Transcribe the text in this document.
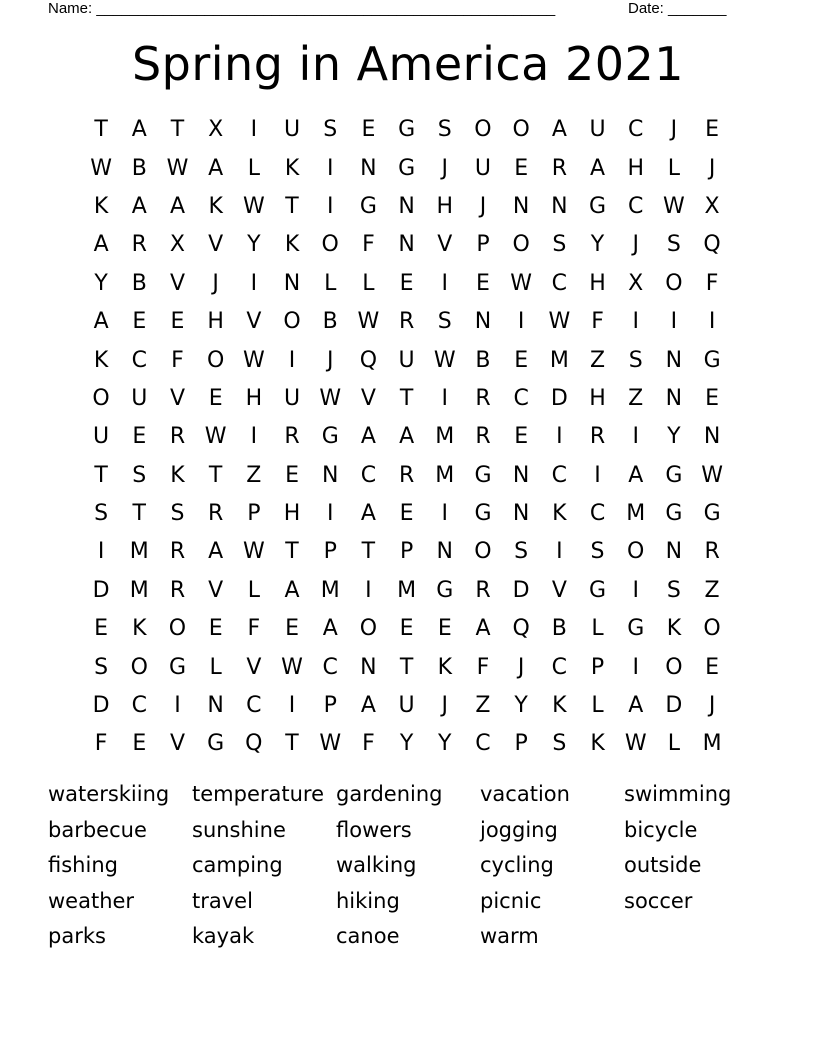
Name: _______________________________________________________	Date: _______
Spring in America 2021
T	A	T	X	I	U	S	E	G	S	O O	A	U	C	J	E
W B W A	L	K	I	N G	J	U	E	R	A	H	L	J
K	A	A	K W T	I	G N H	J	N N G C W X
A	R	X	V	Y	K	O	F	N	V	P	O	S	Y	J	S	Q
Y	B	V	J	I	N	L	L	E	I	E W C	H	X O	F
A	E	E	H	V O B W R	S	N	I	W F	I	I	I
K	C	F	O W	I	J	Q U W B	E M Z	S	N G
O U	V	E	H U W V	T	I	R	C	D H	Z	N	E
U	E	R W	I	R	G	A	A M R	E	I	R	I	Y	N
T	S	K	T	Z	E	N	C	R M G N	C	I	A	G W
S	T	S	R	P	H	I	A	E	I	G N	K	C M G G
I	M R	A W T	P	T	P	N O	S	I	S	O N	R
D M R	V	L	A M	I	M G	R	D	V	G	I	S	Z
E	K	O	E	F	E	A O	E	E	A Q B	L	G	K	O
S	O G	L	V W C	N	T	K	F	J	C	P	I	O	E
D	C	I	N	C	I	P	A	U	J	Z	Y	K	L	A	D	J
F	E	V	G Q	T W F	Y	Y	C	P	S	K W L	M
waterskiing	temperature gardening	vacation	swimming
barbecue	sunshine	flowers	jogging	bicycle
fishing	camping	walking	cycling	outside
weather	travel	hiking	picnic	soccer
parks	kayak	canoe	warm
